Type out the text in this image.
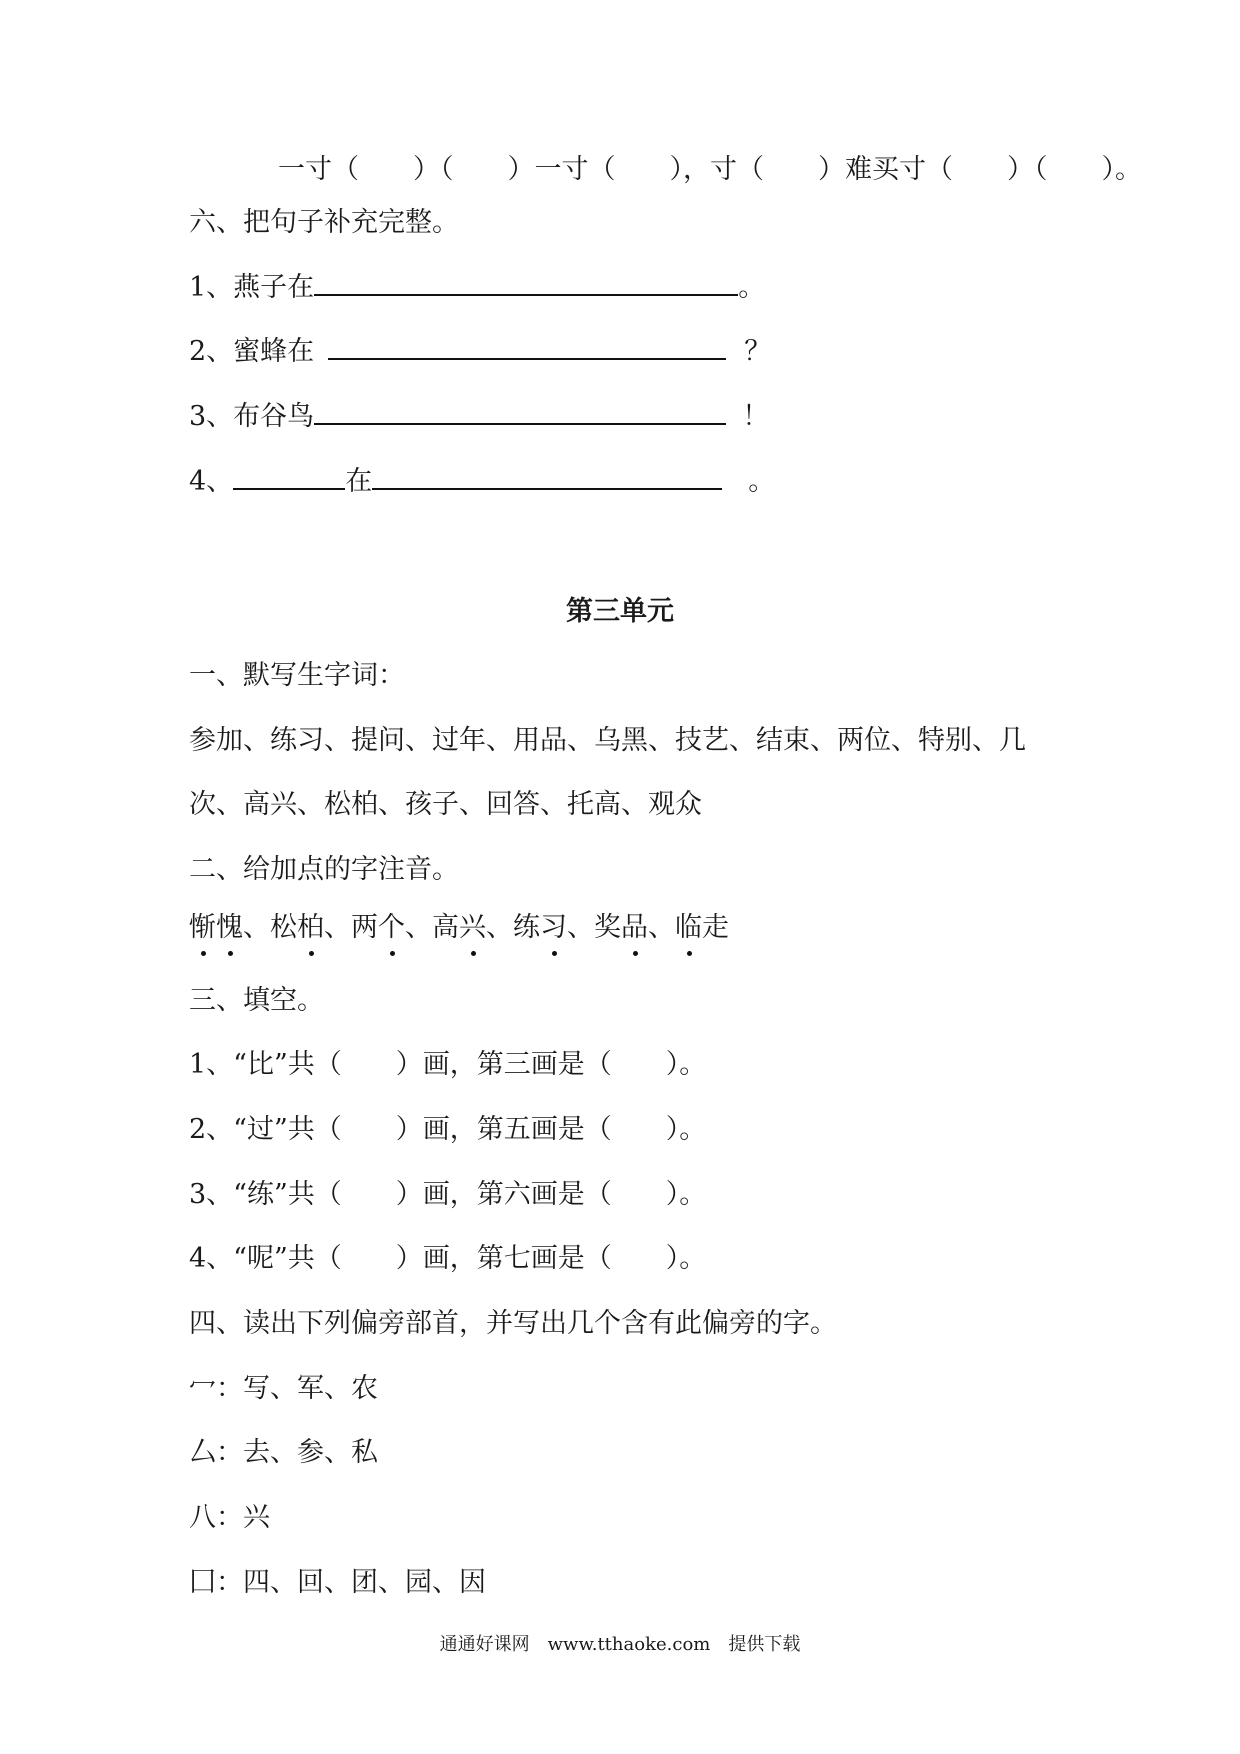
一寸（　　）（　　）一寸（　　），寸（　　）难买寸（　　）（　　）。
六、把句子补充完整。
1、燕子在	。
2、蜜蜂在	？
3、布谷鸟	！
4、	在	。
第三单元
一、默写生字词：
参加、练习、提问、过年、用品、乌黑、技艺、结束、两位、特别、几
次、高兴、松柏、孩子、回答、托高、观众
二、给加点的字注音。
惭愧、松柏、两个、高兴、练习、奖品、临走
三、填空。
1、“比”共（　　）画，第三画是（　　）。
2、“过”共（　　）画，第五画是（　　）。
3、“练”共（　　）画，第六画是（　　）。
4、“呢”共（　　）画，第七画是（　　）。
四、读出下列偏旁部首，并写出几个含有此偏旁的字。
冖：写、军、农
厶：去、参、私
八：兴
囗：四、回、团、园、因
通通好课网　www.tthaoke.com　提供下载
